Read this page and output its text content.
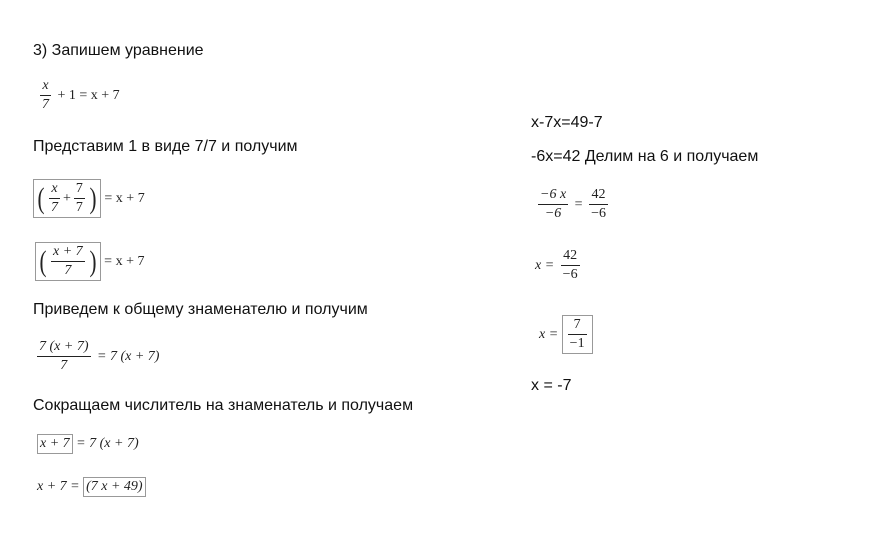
3) Запишем уравнение
$\frac{x}{7} + 1 = x + 7$
Представим 1 в виде 7/7 и получим
( $\frac{x}{7} + \frac{7}{7}$ ) = x + 7
( $\frac{x + 7}{7}$ ) = x + 7
Приведем к общему знаменателю и получим
$\frac{7 (x + 7)}{7} = 7$ (x + 7)
Сокращаем числитель на знаменатель и получаем
x + 7 = 7 (x + 7)
x + 7 = (7 x + 49)
x-7x=49-7
-6x=42 Делим на 6 и получаем
$\frac{-6 x}{-6} = \frac{42}{-6}$
$x = \frac{42}{-6}$
$x = \frac{7}{-1}$
x = -7
